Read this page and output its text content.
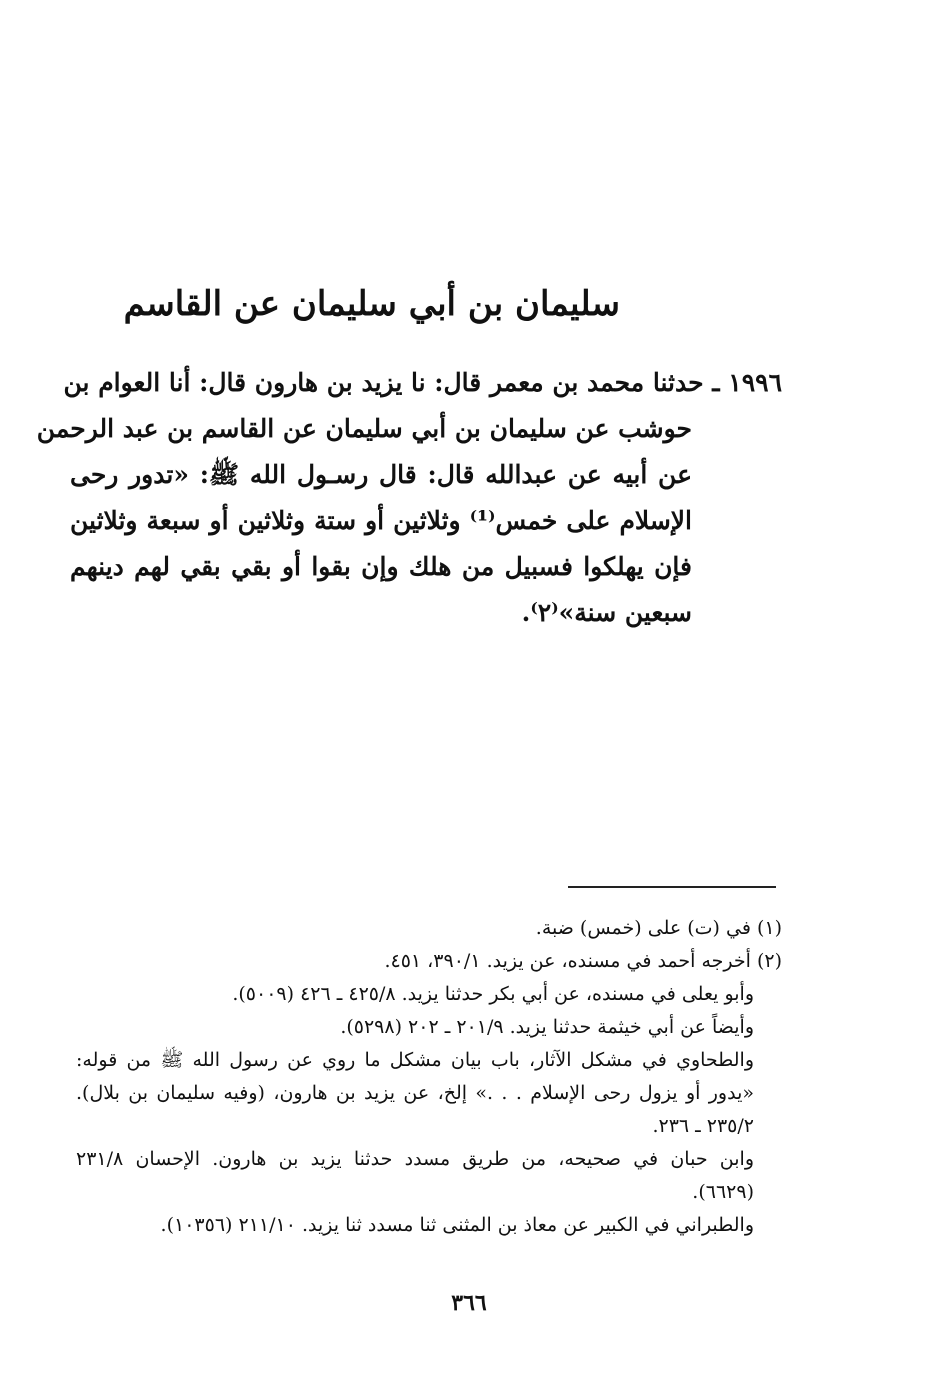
سليمان بن أبي سليمان عن القاسم
١٩٩٦ ـ حدثنا محمد بن معمر قال: نا يزيد بن هارون قال: أنا العوام بن
حوشب عن سليمان بن أبي سليمان عن القاسم بن عبد الرحمن
عن أبيه عن عبدالله قال: قال رسـول الله ﷺ: «تدور رحى
الإسلام على خمس⁽¹⁾ وثلاثين أو ستة وثلاثين أو سبعة وثلاثين
فإن يهلكوا فسبيل من هلك وإن بقوا أو بقي بقي لهم دينهم
سبعين سنة»⁽٢⁾.
(١) في (ت) على (خمس) ضبة.
(٢) أخرجه أحمد في مسنده، عن يزيد. ٣٩٠/١، ٤٥١.
وأبو يعلى في مسنده، عن أبي بكر حدثنا يزيد. ٤٢٥/٨ ـ ٤٢٦ (٥٠٠٩).
وأيضاً عن أبي خيثمة حدثنا يزيد. ٢٠١/٩ ـ ٢٠٢ (٥٢٩٨).
والطحاوي في مشكل الآثار، باب بيان مشكل ما روي عن رسول الله ﷺ من قوله:
«يدور أو يزول رحى الإسلام . . .» إلخ، عن يزيد بن هارون، (وفيه سليمان بن بلال).
٢٣٥/٢ ـ ٢٣٦.
وابن حبان في صحيحه، من طريق مسدد حدثنا يزيد بن هارون. الإحسان ٢٣١/٨
(٦٦٢٩).
والطبراني في الكبير عن معاذ بن المثنى ثنا مسدد ثنا يزيد. ٢١١/١٠ (١٠٣٥٦).
٣٦٦
